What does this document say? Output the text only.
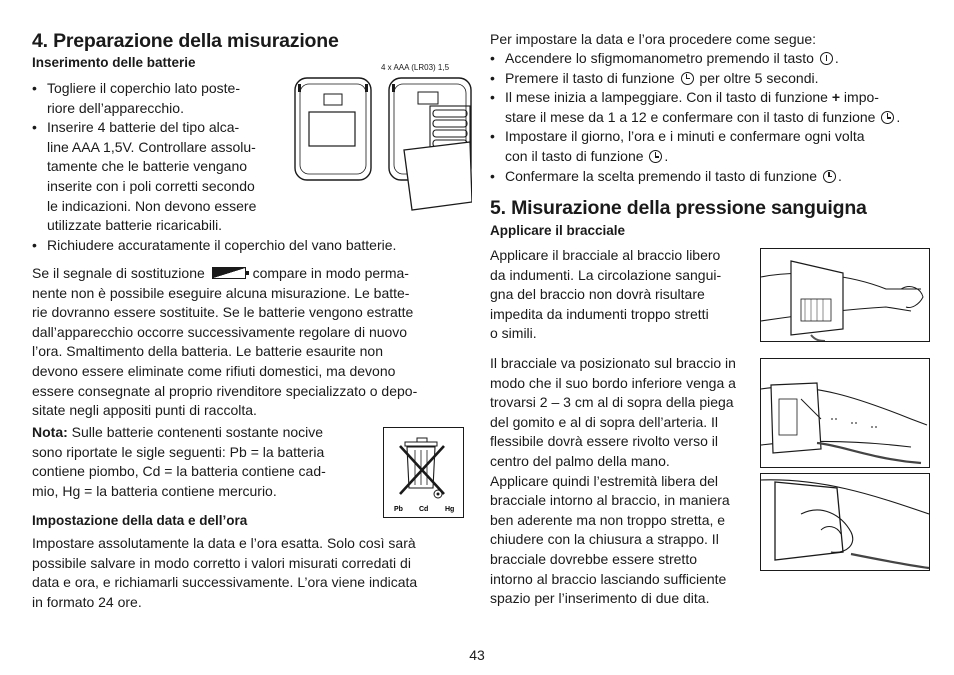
4. Preparazione della misurazione
Inserimento delle batterie
• Togliere il coperchio lato poste-
riore dell’apparecchio.
• Inserire 4 batterie del tipo alca-
line AAA 1,5V. Controllare assolu-
tamente che le batterie vengano
inserite con i poli corretti secondo
le indicazioni. Non devono essere
utilizzate batterie ricaricabili.
• Richiudere accuratamente il coperchio del vano batterie.
4 x AAA (LR03) 1,5
Se il segnale di sostituzione	compare in modo perma-
nente non è possibile eseguire alcuna misurazione. Le batte-
rie dovranno essere sostituite. Se le batterie vengono estratte
dall’apparecchio occorre successivamente regolare di nuovo
l’ora. Smaltimento della batteria. Le batterie esaurite non
devono essere eliminate come rifiuti domestici, ma devono
essere consegnate al proprio rivenditore specializzato o depo-
sitate negli appositi punti di raccolta.
Nota: Sulle batterie contenenti sostante nocive
sono riportate le sigle seguenti: Pb = la batteria
contiene piombo, Cd = la batteria contiene cad-
mio, Hg = la batteria contiene mercurio.
Pb Cd Hg
Impostazione della data e dell’ora

Impostare assolutamente la data e l’ora esatta. Solo così sarà
possibile salvare in modo corretto i valori misurati corredati di
data e ora, e richiamarli successivamente. L’ora viene indicata
in formato 24 ore.

Per impostare la data e l’ora procedere come segue:

• Accendere lo sfigmomanometro premendo il tasto .
• Premere il tasto di funzione  per oltre 5 secondi.
• Il mese inizia a lampeggiare. Con il tasto di funzione + impo-
stare il mese da 1 a 12 e confermare con il tasto di funzione .
• Impostare il giorno, l’ora e i minuti e confermare ogni volta
con il tasto di funzione .
• Confermare la scelta premendo il tasto di funzione .
5. Misurazione della pressione sanguigna
Applicare il bracciale

Applicare il bracciale al braccio libero
da indumenti. La circolazione sangui-
gna del braccio non dovrà risultare
impedita da indumenti troppo stretti
o simili.

Il bracciale va posizionato sul braccio in
modo che il suo bordo inferiore venga a
trovarsi 2 – 3 cm al di sopra della piega
del gomito e al di sopra dell’arteria. Il
flessibile dovrà essere rivolto verso il
centro del palmo della mano.
Applicare quindi l’estremità libera del
bracciale intorno al braccio, in maniera
ben aderente ma non troppo stretta, e
chiudere con la chiusura a strappo. Il
bracciale dovrebbe essere stretto
intorno al braccio lasciando sufficiente
spazio per l’inserimento di due dita.

43
